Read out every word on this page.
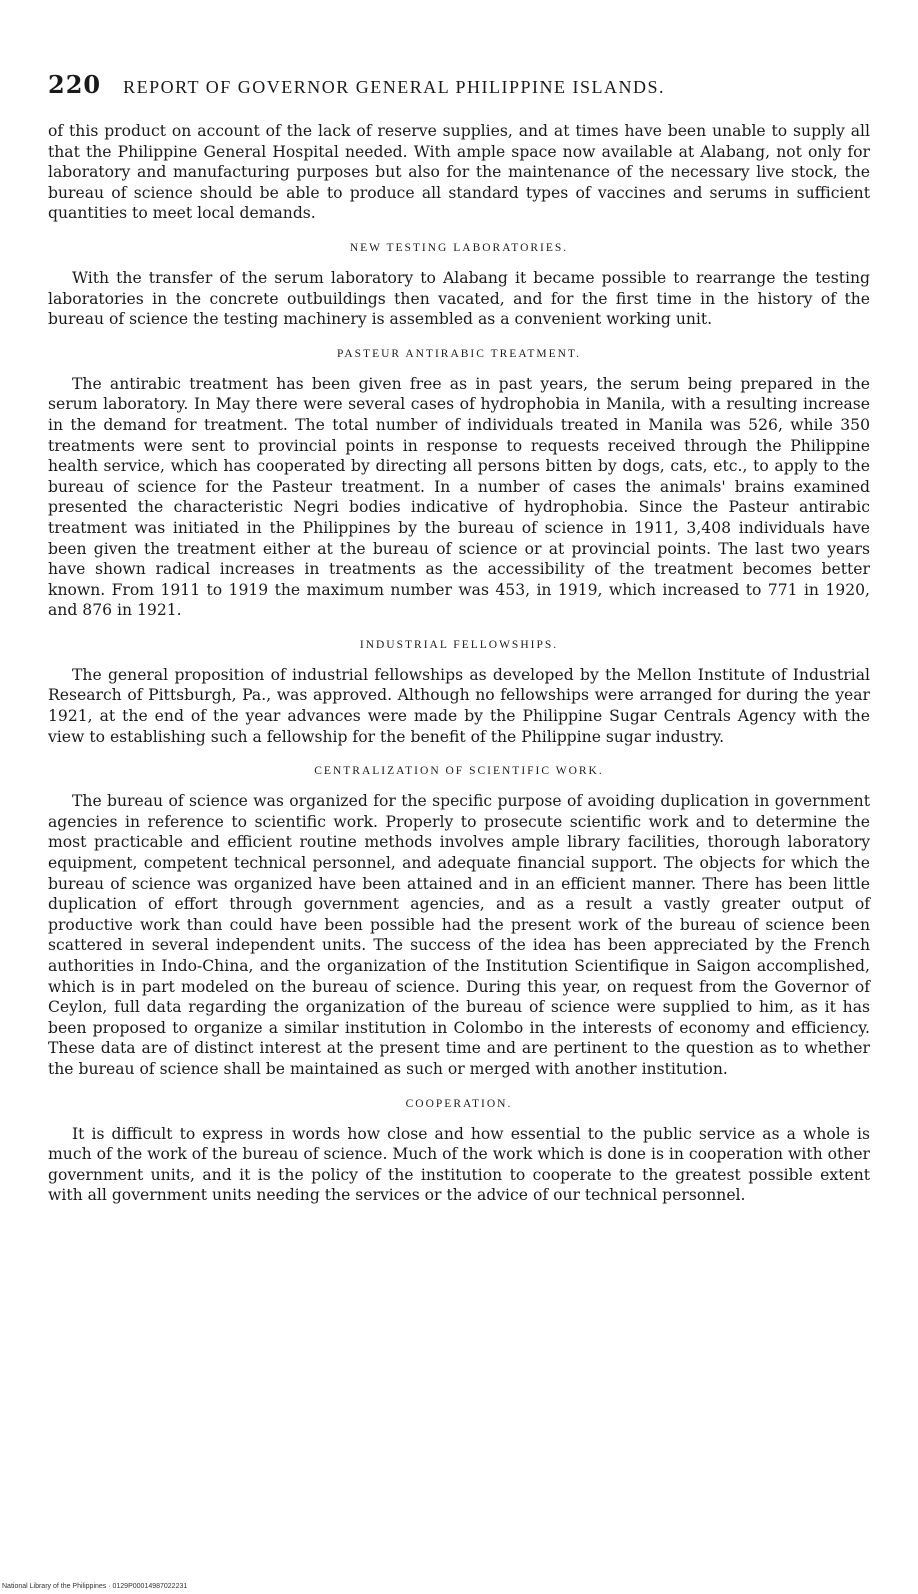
220 REPORT OF GOVERNOR GENERAL PHILIPPINE ISLANDS.

of this product on account of the lack of reserve supplies, and at times have been unable to supply all that the Philippine General Hospital needed. With ample space now available at Alabang, not only for laboratory and manufacturing purposes but also for the maintenance of the necessary live stock, the bureau of science should be able to produce all standard types of vaccines and serums in sufficient quantities to meet local demands.

NEW TESTING LABORATORIES.

With the transfer of the serum laboratory to Alabang it became possible to rearrange the testing laboratories in the concrete outbuildings then vacated, and for the first time in the history of the bureau of science the testing machinery is assembled as a convenient working unit.

PASTEUR ANTIRABIC TREATMENT.

The antirabic treatment has been given free as in past years, the serum being prepared in the serum laboratory. In May there were several cases of hydrophobia in Manila, with a resulting increase in the demand for treatment. The total number of individuals treated in Manila was 526, while 350 treatments were sent to provincial points in response to requests received through the Philippine health service, which has cooperated by directing all persons bitten by dogs, cats, etc., to apply to the bureau of science for the Pasteur treatment. In a number of cases the animals' brains examined presented the characteristic Negri bodies indicative of hydrophobia. Since the Pasteur antirabic treatment was initiated in the Philippines by the bureau of science in 1911, 3,408 individuals have been given the treatment either at the bureau of science or at provincial points. The last two years have shown radical increases in treatments as the accessibility of the treatment becomes better known. From 1911 to 1919 the maximum number was 453, in 1919, which increased to 771 in 1920, and 876 in 1921.

INDUSTRIAL FELLOWSHIPS.

The general proposition of industrial fellowships as developed by the Mellon Institute of Industrial Research of Pittsburgh, Pa., was approved. Although no fellowships were arranged for during the year 1921, at the end of the year advances were made by the Philippine Sugar Centrals Agency with the view to establishing such a fellowship for the benefit of the Philippine sugar industry.

CENTRALIZATION OF SCIENTIFIC WORK.

The bureau of science was organized for the specific purpose of avoiding duplication in government agencies in reference to scientific work. Properly to prosecute scientific work and to determine the most practicable and efficient routine methods involves ample library facilities, thorough laboratory equipment, competent technical personnel, and adequate financial support. The objects for which the bureau of science was organized have been attained and in an efficient manner. There has been little duplication of effort through government agencies, and as a result a vastly greater output of productive work than could have been possible had the present work of the bureau of science been scattered in several independent units. The success of the idea has been appreciated by the French authorities in Indo-China, and the organization of the Institution Scientifique in Saigon accomplished, which is in part modeled on the bureau of science. During this year, on request from the Governor of Ceylon, full data regarding the organization of the bureau of science were supplied to him, as it has been proposed to organize a similar institution in Colombo in the interests of economy and efficiency. These data are of distinct interest at the present time and are pertinent to the question as to whether the bureau of science shall be maintained as such or merged with another institution.

COOPERATION.

It is difficult to express in words how close and how essential to the public service as a whole is much of the work of the bureau of science. Much of the work which is done is in cooperation with other government units, and it is the policy of the institution to cooperate to the greatest possible extent with all government units needing the services or the advice of our technical personnel.

National Library of the Philippines · 0129P00014987022231
